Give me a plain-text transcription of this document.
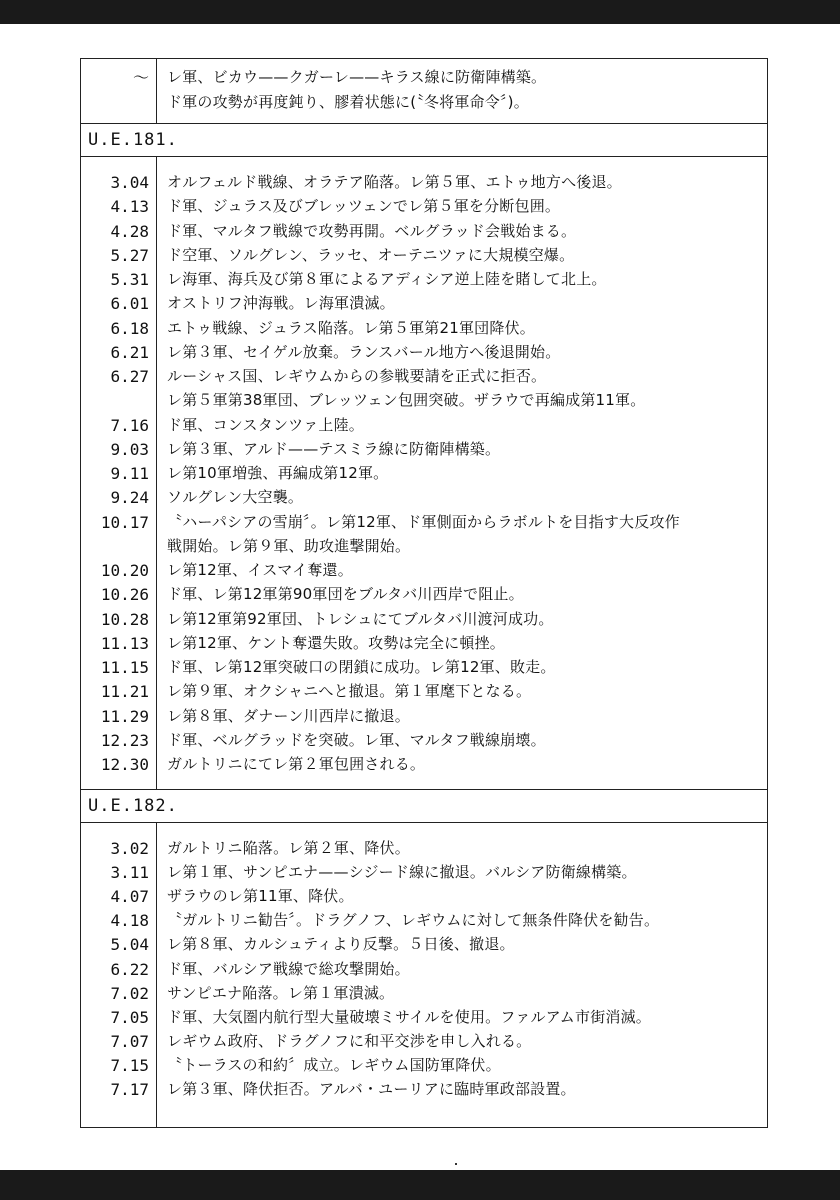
〜 レ軍、ビカウ——クガーレ——キラス線に防衛陣構築。
ド軍の攻勢が再度鈍り、膠着状態に(〝冬将軍命令〞)。
U.E.181.
3.04 オルフェルド戦線、オラテア陥落。レ第５軍、エトゥ地方へ後退。
4.13 ド軍、ジュラス及びブレッツェンでレ第５軍を分断包囲。
4.28 ド軍、マルタフ戦線で攻勢再開。ベルグラッド会戦始まる。
5.27 ド空軍、ソルグレン、ラッセ、オーテニツァに大規模空爆。
5.31 レ海軍、海兵及び第８軍によるアディシア逆上陸を賭して北上。
6.01 オストリフ沖海戦。レ海軍潰滅。
6.18 エトゥ戦線、ジュラス陥落。レ第５軍第21軍団降伏。
6.21 レ第３軍、セイゲル放棄。ランスバール地方へ後退開始。
6.27 ルーシャス国、レギウムからの参戦要請を正式に拒否。
レ第５軍第38軍団、ブレッツェン包囲突破。ザラウで再編成第11軍。
7.16 ド軍、コンスタンツァ上陸。
9.03 レ第３軍、アルド——テスミラ線に防衛陣構築。
9.11 レ第10軍増強、再編成第12軍。
9.24 ソルグレン大空襲。
10.17 〝ハーパシアの雪崩〞。レ第12軍、ド軍側面からラボルトを目指す大反攻作
戦開始。レ第９軍、助攻進撃開始。
10.20 レ第12軍、イスマイ奪還。
10.26 ド軍、レ第12軍第90軍団をブルタバ川西岸で阻止。
10.28 レ第12軍第92軍団、トレシュにてブルタバ川渡河成功。
11.13 レ第12軍、ケント奪還失敗。攻勢は完全に頓挫。
11.15 ド軍、レ第12軍突破口の閉鎖に成功。レ第12軍、敗走。
11.21 レ第９軍、オクシャニへと撤退。第１軍麾下となる。
11.29 レ第８軍、ダナーン川西岸に撤退。
12.23 ド軍、ベルグラッドを突破。レ軍、マルタフ戦線崩壊。
12.30 ガルトリニにてレ第２軍包囲される。
U.E.182.
3.02 ガルトリニ陥落。レ第２軍、降伏。
3.11 レ第１軍、サンピエナ——シジード線に撤退。バルシア防衛線構築。
4.07 ザラウのレ第11軍、降伏。
4.18 〝ガルトリニ勧告〞。ドラグノフ、レギウムに対して無条件降伏を勧告。
5.04 レ第８軍、カルシュティより反撃。５日後、撤退。
6.22 ド軍、バルシア戦線で総攻撃開始。
7.02 サンピエナ陥落。レ第１軍潰滅。
7.05 ド軍、大気圏内航行型大量破壊ミサイルを使用。ファルアム市街消滅。
7.07 レギウム政府、ドラグノフに和平交渉を申し入れる。
7.15 〝トーラスの和約〞成立。レギウム国防軍降伏。
7.17 レ第３軍、降伏拒否。アルバ・ユーリアに臨時軍政部設置。
